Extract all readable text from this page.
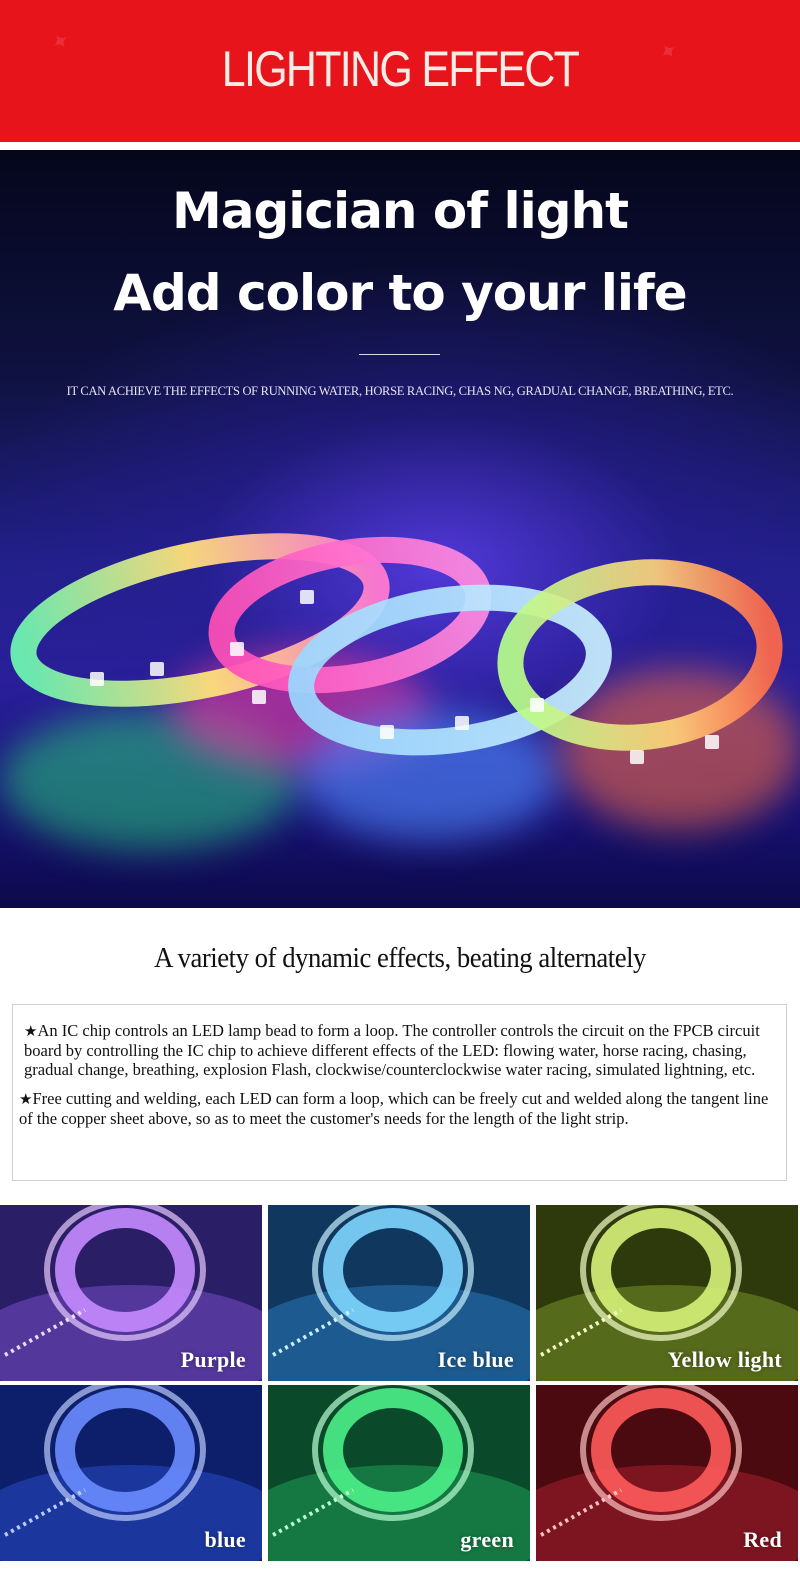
✦	✦
LIGHTING EFFECT
Magician of light
Add color to your life
IT CAN ACHIEVE THE EFFECTS OF RUNNING WATER, HORSE RACING, CHAS NG, GRADUAL CHANGE, BREATHING, ETC.
A variety of dynamic effects, beating alternately

★An IC chip controls an LED lamp bead to form a loop. The controller controls the circuit on the FPCB circuit board by controlling the IC chip to achieve different effects of the LED: flowing water, horse racing, chasing, gradual change, breathing, explosion Flash, clockwise/counterclockwise water racing, simulated lightning, etc.

★Free cutting and welding, each LED can form a loop, which can be freely cut and welded along the tangent line of the copper sheet above, so as to meet the customer's needs for the length of the light strip.

Purple	Ice blue	Yellow light
blue	green	Red
